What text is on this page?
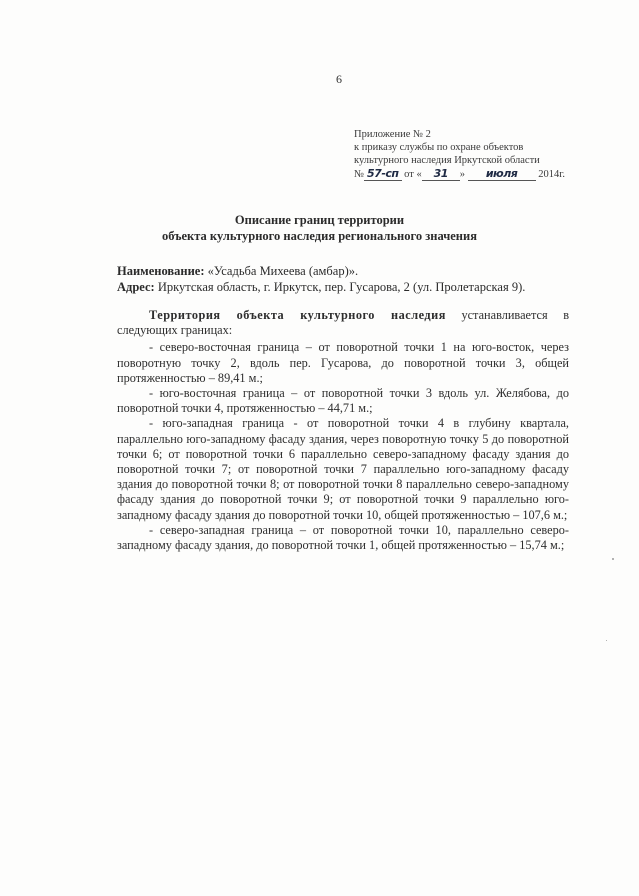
6
Приложение № 2
к приказу службы по охране объектов
культурного наследия Иркутской области
№ 57-сп от « 31 » июля 2014г.
Описание границ территории
объекта культурного наследия регионального значения
Наименование: «Усадьба Михеева (амбар)».
Адрес: Иркутская область, г. Иркутск, пер. Гусарова, 2 (ул. Пролетарская 9).

Территория объекта культурного наследия устанавливается в следующих границах:

- северо-восточная граница – от поворотной точки 1 на юго-восток, через поворотную точку 2, вдоль пер. Гусарова, до поворотной точки 3, общей протяженностью – 89,41 м.;

- юго-восточная граница – от поворотной точки 3 вдоль ул. Желябова, до поворотной точки 4, протяженностью – 44,71 м.;

- юго-западная граница - от поворотной точки 4 в глубину квартала, параллельно юго-западному фасаду здания, через поворотную точку 5 до поворотной точки 6; от поворотной точки 6 параллельно северо-западному фасаду здания до поворотной точки 7; от поворотной точки 7 параллельно юго-западному фасаду здания до поворотной точки 8; от поворотной точки 8 параллельно северо-западному фасаду здания до поворотной точки 9; от поворотной точки 9 параллельно юго-западному фасаду здания до поворотной точки 10, общей протяженностью – 107,6 м.;

- северо-западная граница – от поворотной точки 10, параллельно северо-западному фасаду здания, до поворотной точки 1, общей протяженностью – 15,74 м.;
